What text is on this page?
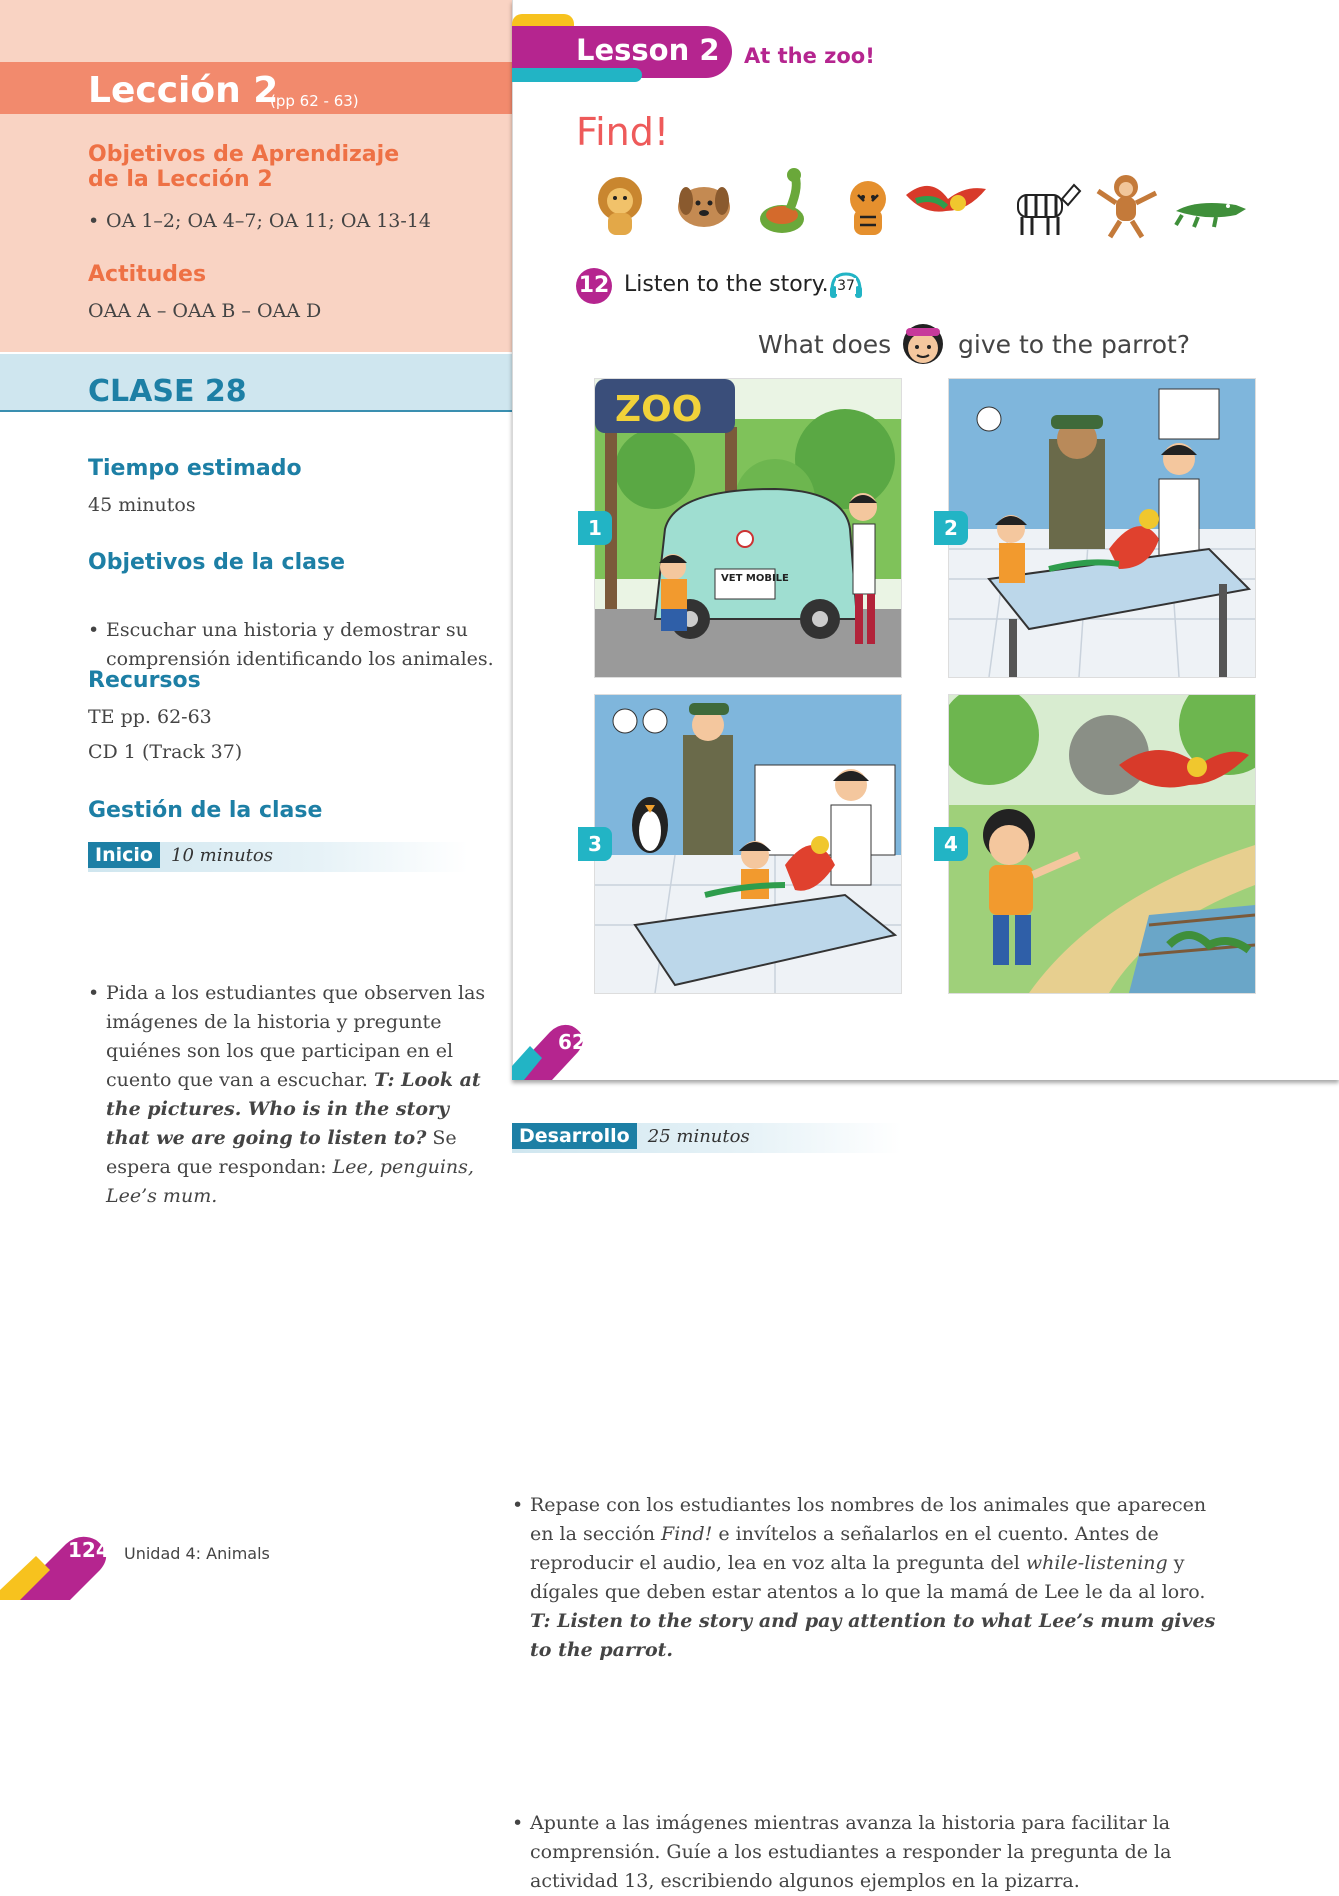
Lección 2
(pp 62 - 63)
Objetivos de Aprendizaje
de la Lección 2
• OA 1–2; OA 4–7; OA 11; OA 13-14
Actitudes
OAA A – OAA B – OAA D
CLASE 28
Tiempo estimado
45 minutos
Objetivos de la clase
• Escuchar una historia y demostrar su comprensión identificando los animales.
Recursos
TE pp. 62-63
CD 1 (Track 37)
Gestión de la clase
Inicio 10 minutos
• Pida a los estudiantes que observen las imágenes de la historia y pregunte quiénes son los que participan en el cuento que van a escuchar. T: Look at the pictures. Who is in the story that we are going to listen to? Se espera que respondan: Lee, penguins, Lee’s mum.
Lesson 2 At the zoo!
Find!
12 Listen to the story. 37
What does	give to the parrot?
ZOO
VET MOBILE
1	2
3	4
62
Desarrollo 25 minutos
• Repase con los estudiantes los nombres de los animales que aparecen en la sección Find! e invítelos a señalarlos en el cuento. Antes de reproducir el audio, lea en voz alta la pregunta del while-listening y dígales que deben estar atentos a lo que la mamá de Lee le da al loro. T: Listen to the story and pay attention to what Lee’s mum gives to the parrot.
• Apunte a las imágenes mientras avanza la historia para facilitar la comprensión. Guíe a los estudiantes a responder la pregunta de la actividad 13, escribiendo algunos ejemplos en la pizarra.
124 Unidad 4: Animals
